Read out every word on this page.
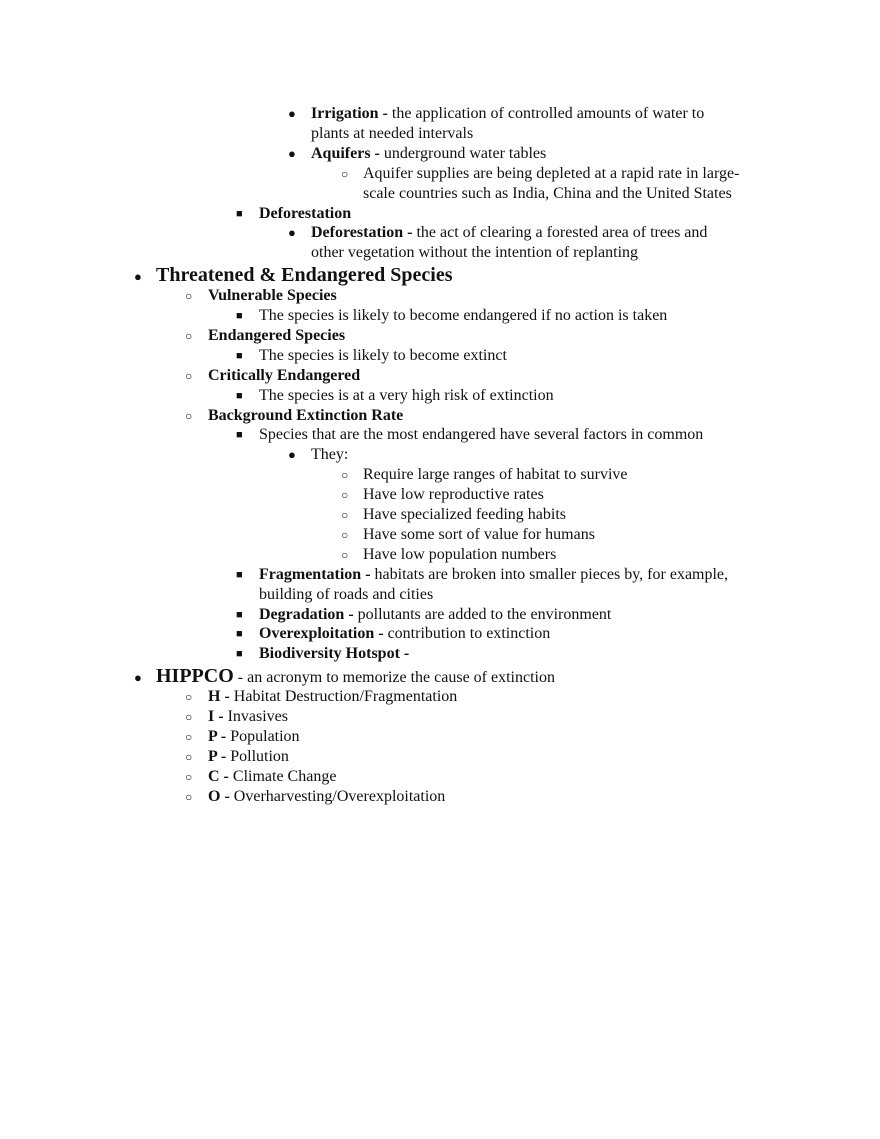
● Irrigation - the application of controlled amounts of water to
plants at needed intervals
● Aquifers - underground water tables
○ Aquifer supplies are being depleted at a rapid rate in large-
scale countries such as India, China and the United States
■ Deforestation
● Deforestation - the act of clearing a forested area of trees and
other vegetation without the intention of replanting
● Threatened & Endangered Species
○ Vulnerable Species
■ The species is likely to become endangered if no action is taken
○ Endangered Species
■ The species is likely to become extinct
○ Critically Endangered
■ The species is at a very high risk of extinction
○ Background Extinction Rate
■ Species that are the most endangered have several factors in common
● They:
○ Require large ranges of habitat to survive
○ Have low reproductive rates
○ Have specialized feeding habits
○ Have some sort of value for humans
○ Have low population numbers
■ Fragmentation - habitats are broken into smaller pieces by, for example,
building of roads and cities
■ Degradation - pollutants are added to the environment
■ Overexploitation - contribution to extinction
■ Biodiversity Hotspot -
● HIPPCO - an acronym to memorize the cause of extinction
○ H - Habitat Destruction/Fragmentation
○ I - Invasives
○ P - Population
○ P - Pollution
○ C - Climate Change
○ O - Overharvesting/Overexploitation
